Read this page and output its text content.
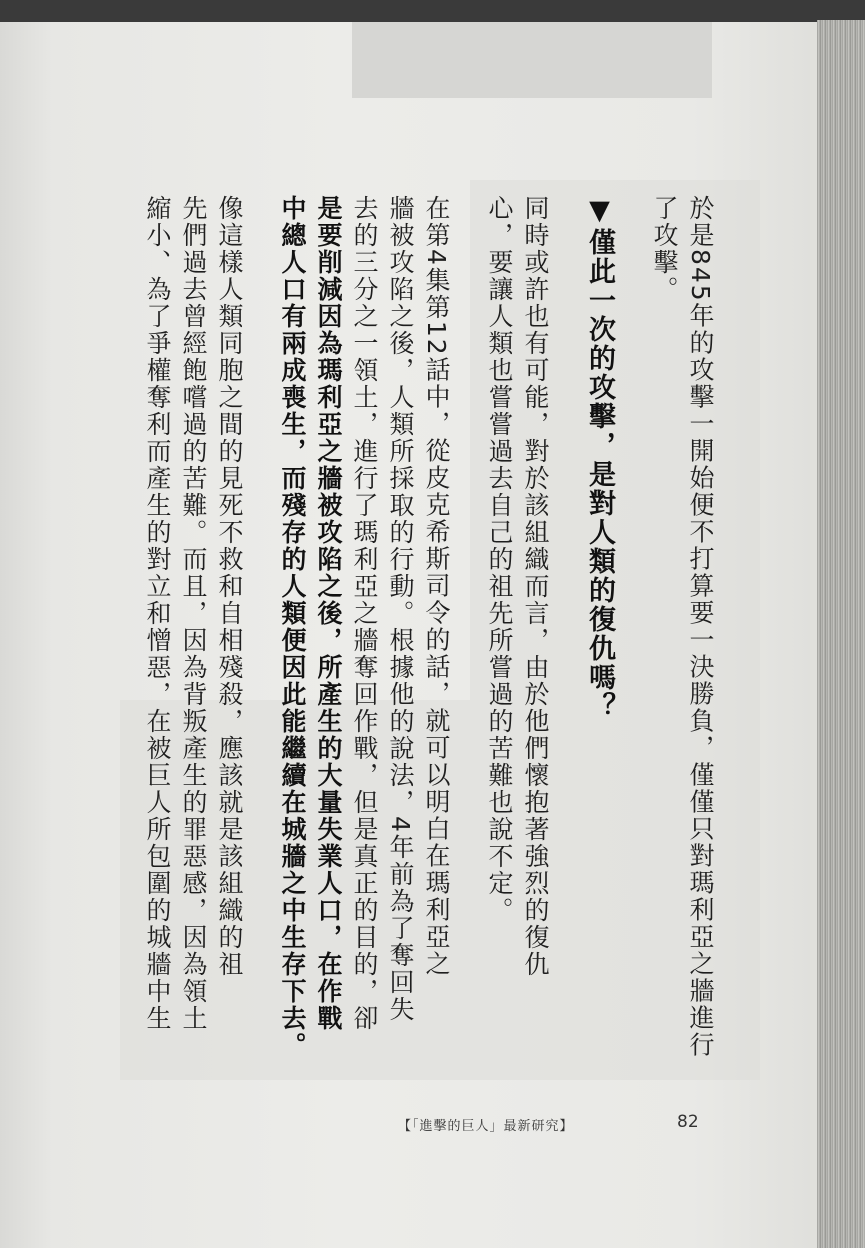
於是845年的攻擊一開始便不打算要一決勝負，僅僅只對瑪利亞之牆進行
了攻擊。
▼僅此一次的攻擊，是對人類的復仇嗎？
同時或許也有可能，對於該組織而言，由於他們懷抱著強烈的復仇
心，要讓人類也嘗嘗過去自己的祖先所嘗過的苦難也說不定。
在第4集第12話中，從皮克希斯司令的話，就可以明白在瑪利亞之
牆被攻陷之後，人類所採取的行動。根據他的說法，4年前為了奪回失
去的三分之一領土，進行了瑪利亞之牆奪回作戰，但是真正的目的，卻
是要削減因為瑪利亞之牆被攻陷之後，所產生的大量失業人口，在作戰
中總人口有兩成喪生，而殘存的人類便因此能繼續在城牆之中生存下去。
像這樣人類同胞之間的見死不救和自相殘殺，應該就是該組織的祖
先們過去曾經飽嚐過的苦難。而且，因為背叛產生的罪惡感，因為領土
縮小、為了爭權奪利而產生的對立和憎惡，在被巨人所包圍的城牆中生
【「進擊的巨人」最新研究】	82
